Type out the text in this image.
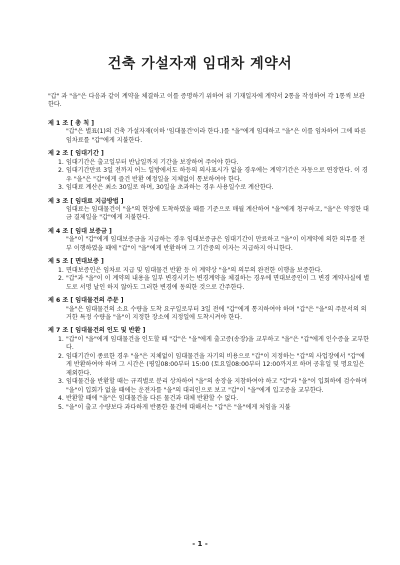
건축 가설자재 임대차 계약서

"갑" 과 "을"은 다음과 같이 계약을 체결하고 이를 증명하기 위하여 위 기재일자에 계약서 2통을 작성하여 각 1통씩 보관한다.

제 1 조 [ 총 칙 ]

"갑"은 별표(1)의 건축 가설자재(이하 '임대물건'이라 한다.)를 "을"에게 임대하고 "을"은 이를 임차하여 그에 따른 임차료를 "갑"에게 지불한다.

제 2 조 [ 임대기간 ]

1. 임대기간은 출고일부터 반납일까지 기간을 보장하여 주어야 한다.
2. 임대기간만료 3일 전까지 어느 일방에서도 하등의 의사표시가 없을 경우에는 계약기간은 자동으로 연장한다. 이 경우 "을"은 "갑"에게 즐건 반환 예정일을 지체없이 통보하여야 한다.
3. 임대료 계산은 최소 30일로 하며, 30일을 초과하는 경우 사용일수로 계산한다.

제 3 조 [ 임대료 지급방법 ]

임대료는 임대물건이 "을"의 현장에 도착하였을 때를 기준으로 매월 계산하여 "을"에게 청구하고, "을"은 약정한 대금 결제일을 "갑"에게 지불한다.

제 4 조 [ 임대 보증금 ]

"을"이 "갑"에게 임대보증금을 지급하는 경우 임대보증금은 임대기간이 만료하고 "을"이 이계약에 의한 의무를 전부 이행하였을 때에 "갑"이 "을"에게 반환하며 그 기간중의 이자는 지급하지 아니한다.

제 5 조 [ 면대보증 ]

1. 면대보증인은 임차료 지급 및 임대물건 반환 등 이 계약상 "을"의 의무의 완전한 이행을 보증한다.
2. "갑"과 "을"이 이 계약의 내용을 일부 변경시키는 변경계약을 체결하는 경우에 면대보증인이 그 변경 계약사실에 별도로 서명 날인 하지 않아도 그러한 변경에 동의한 것으로 간주한다.

제 6 조 [ 임대물건의 주문 ]

"을"은 임대물건의 소요 수량을 도착 요구일로부터 3일 전에 "갑"에게 통지하여야 하며 "갑"은 "을"의 주문서의 의거한 특정 수량을 "을"이 지정한 장소에 지정일에 도착시켜야 한다.

제 7 조 [ 임대물건의 인도 및 반환 ]

1. "갑"이 "을"에게 임대물건을 인도할 때 "갑"은 "을"에게 출고증(송장)을 교부하고 "을"은 "갑"에게 인수증을 교부한다.
2. 임대기간이 종료한 경우 "을"은 지체없이 임대물건을 자기의 비용으로 "갑"이 지정하는 "갑"의 사업장에서 "갑"에게 반환하여야 하며 그 시간은 (평일08:00부터 15:00 (토요일08:00부터 12:00까지로 하며 공휴일 및 명요일은 제외한다.
3. 임대물건을 반환할 때는 규격별로 분리 상차하여 "을"의 송장을 지참하여야 하고 "갑"과 "을"이 입회하에 검수하며 "을"이 입회가 없을 때에는 운전자를 "을"의 대리인으로 보고 "갑"이 "을"에게 입고증을 교부한다.
4. 반환할 때에 "을"은 임대물건을 다른 물건과 대체 반환할 수 없다.
5. "을"이 출고 수량보다 과다하게 반품한 물건에 대해서는 "갑"은 "을"에게 처임을 지불
- 1 -
